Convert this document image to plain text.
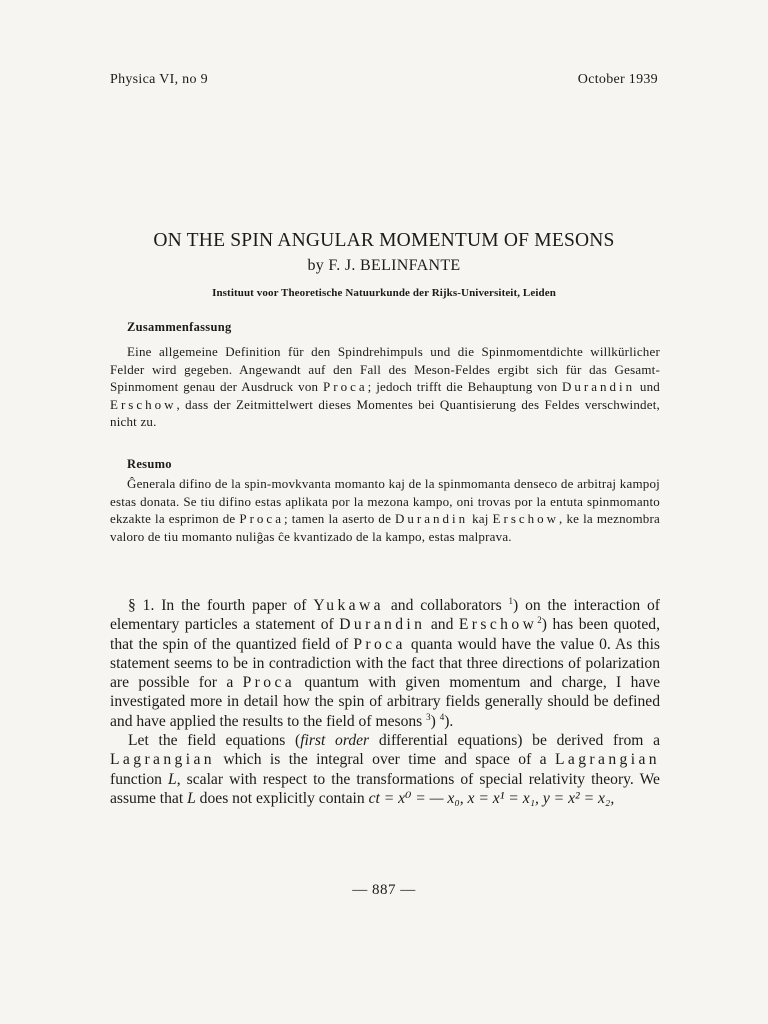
Physica VI, no 9	October 1939
ON THE SPIN ANGULAR MOMENTUM OF MESONS
by F. J. BELINFANTE
Instituut voor Theoretische Natuurkunde der Rijks-Universiteit, Leiden
Zusammenfassung

Eine allgemeine Definition für den Spindrehimpuls und die Spinmomentdichte willkürlicher Felder wird gegeben. Angewandt auf den Fall des Meson-Feldes ergibt sich für das Gesamt-Spinmoment genau der Ausdruck von Proca; jedoch trifft die Behauptung von Durandin und Erschow, dass der Zeitmittelwert dieses Momentes bei Quantisierung des Feldes verschwindet, nicht zu.

Resumo

Ĝenerala difino de la spin-movkvanta momanto kaj de la spinmomanta denseco de arbitraj kampoj estas donata. Se tiu difino estas aplikata por la mezona kampo, oni trovas por la entuta spinmomanto ekzakte la esprimon de Proca; tamen la aserto de Durandin kaj Erschow, ke la meznombra valoro de tiu momanto nuliĝas ĉe kvantizado de la kampo, estas malprava.

§ 1. In the fourth paper of Yukawa and collaborators $^1$) on the interaction of elementary particles a statement of Durandin and Erschow$^2$) has been quoted, that the spin of the quantized field of Proca quanta would have the value 0. As this statement seems to be in contradiction with the fact that three directions of polarization are possible for a Proca quantum with given momentum and charge, I have investigated more in detail how the spin of arbitrary fields generally should be defined and have applied the results to the field of mesons $^3$) $^4$).

Let the field equations (first order differential equations) be derived from a Lagrangian which is the integral over time and space of a Lagrangian function L, scalar with respect to the transformations of special relativity theory. We assume that L does not explicitly contain ct = x⁰ = — x₀, x = x¹ = x₁, y = x² = x₂,

— 887 —
